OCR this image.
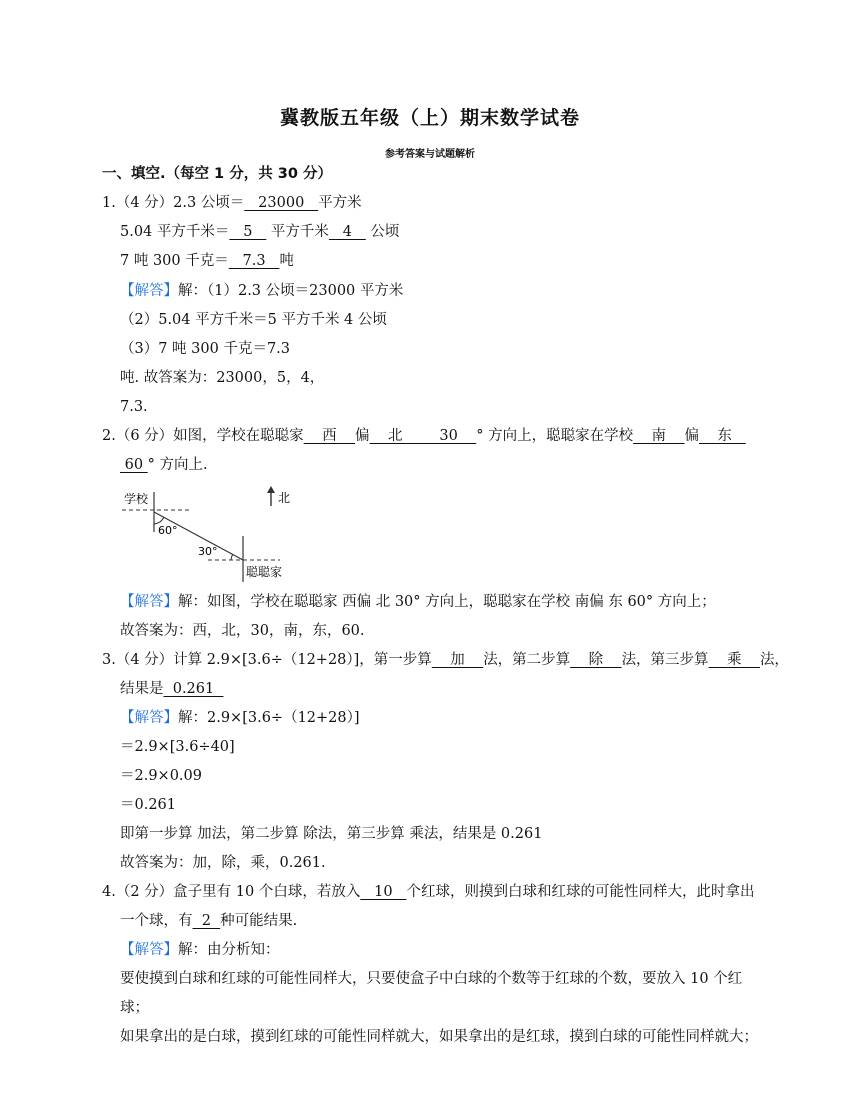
冀教版五年级（上）期末数学试卷
参考答案与试题解析
一、填空.（每空 1 分，共 30 分）
1.（4 分）2.3 公顷＝   23000   平方米
5.04 平方千米＝   5    平方千米   4    公顷
7 吨 300 千克＝   7.3   吨
【解答】解：（1）2.3 公顷＝23000 平方米
（2）5.04 平方千米＝5 平方千米 4 公顷
（3）7 吨 300 千克＝7.3
吨. 故答案为：23000，5，4，
7.3.
2.（6 分）如图，学校在聪聪家    西    偏    北        30    ° 方向上，聪聪家在学校    南    偏    东
60 ° 方向上.
学校	北
60°
30°
聪聪家
【解答】解：如图，学校在聪聪家 西偏 北 30° 方向上，聪聪家在学校 南偏 东 60° 方向上；
故答案为：西，北，30，南，东，60.
3.（4 分）计算 2.9×[3.6÷（12+28）]，第一步算    加    法，第二步算    除    法，第三步算    乘    法，
结果是  0.261
【解答】解：2.9×[3.6÷（12+28）]
＝2.9×[3.6÷40]
＝2.9×0.09
＝0.261
即第一步算 加法，第二步算 除法，第三步算 乘法，结果是 0.261
故答案为：加，除，乘，0.261.
4.（2 分）盒子里有 10 个白球，若放入   10   个红球，则摸到白球和红球的可能性同样大，此时拿出
一个球，有  2  种可能结果.
【解答】解：由分析知：
要使摸到白球和红球的可能性同样大，只要使盒子中白球的个数等于红球的个数，要放入 10 个红
球；
如果拿出的是白球，摸到红球的可能性同样就大，如果拿出的是红球，摸到白球的可能性同样就大；
